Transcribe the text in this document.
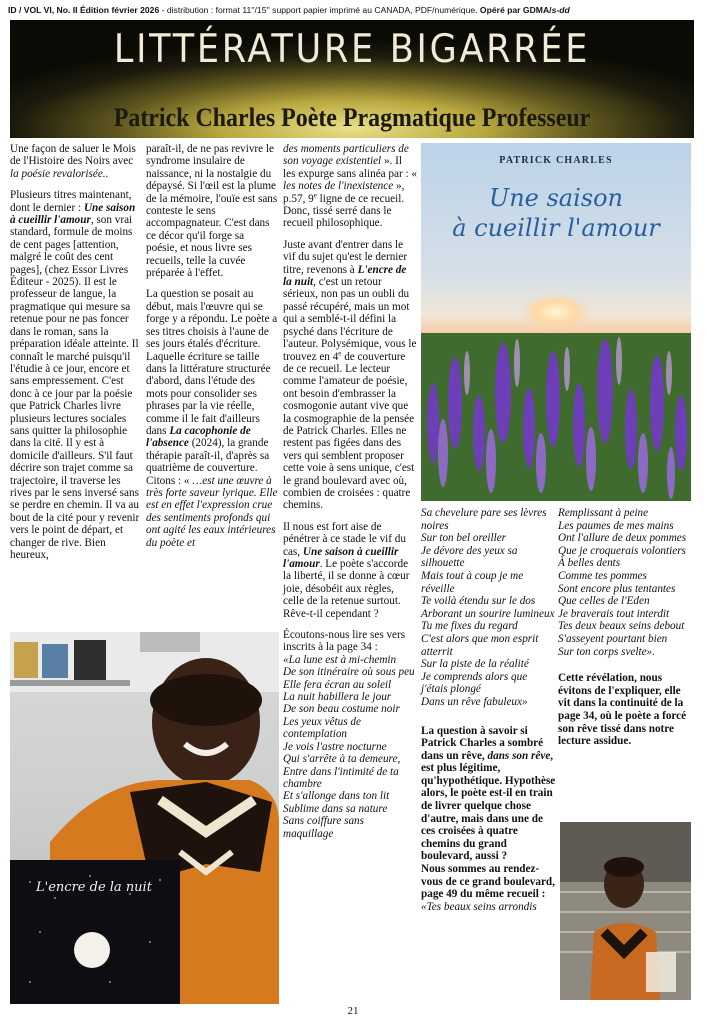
ID / VOL VI, No. II Édition février 2026 - distribution : format 11''/15'' support papier imprimé au CANADA, PDF/numérique. Opéré par GDMA/s-dd
LITTÉRATURE BIGARRÉE
Patrick Charles Poète Pragmatique Professeur

Une façon de saluer le Mois de l'Histoire des Noirs avec la poésie revalorisée..

Plusieurs titres maintenant, dont le dernier : Une saison à cueillir l'amour, son vrai standard, formule de moins de cent pages [attention, malgré le coût des cent pages], (chez Essor Livres Éditeur - 2025). Il est le professeur de langue, la pragmatique qui mesure sa retenue pour ne pas foncer dans le roman, sans la préparation idéale atteinte. Il connaît le marché puisqu'il l'étudie à ce jour, encore et sans empressement. C'est donc à ce jour par la poésie que Patrick Charles livre plusieurs lectures sociales sans quitter la philosophie dans la cité. Il y est à domicile d'ailleurs. S'il faut décrire son trajet comme sa trajectoire, il traverse les rives par le sens inversé sans se perdre en chemin. Il va au bout de la cité pour y revenir vers le point de départ, et changer de rive. Bien heureux,

paraît-il, de ne pas revivre le syndrome insulaire de naissance, ni la nostalgie du dépaysé. Si l'œil est la plume de la mémoire, l'ouïe est sans conteste le sens accompagnateur. C'est dans ce décor qu'il forge sa poésie, et nous livre ses recueils, telle la cuvée préparée à l'effet.

La question se posait au début, mais l'œuvre qui se forge y a répondu. Le poète a ses titres choisis à l'aune de ses jours étalés d'écriture. Laquelle écriture se taille dans la littérature structurée d'abord, dans l'étude des mots pour consolider ses phrases par la vie réelle, comme il le fait d'ailleurs dans La cacophonie de l'absence (2024), la grande thérapie paraît-il, d'après sa quatrième de couverture. Citons : « …est une œuvre à très forte saveur lyrique. Elle est en effet l'expression crue des sentiments profonds qui ont agité les eaux intérieures du poète et

des moments particuliers de son voyage existentiel ». Il les expurge sans alinéa par : « les notes de l'inexistence », p.57, 9e ligne de ce recueil. Donc, tissé serré dans le recueil philosophique.

Juste avant d'entrer dans le vif du sujet qu'est le dernier titre, revenons à L'encre de la nuit, c'est un retour sérieux, non pas un oubli du passé récupéré, mais un mot qui a semblé-t-il défini la psyché dans l'écriture de l'auteur. Polysémique, vous le trouvez en 4e de couverture de ce recueil. Le lecteur comme l'amateur de poésie, ont besoin d'embrasser la cosmogonie autant vive que la cosmographie de la pensée de Patrick Charles. Elles ne restent pas figées dans des vers qui semblent proposer cette voie à sens unique, c'est le grand boulevard avec où, combien de croisées : quatre chemins.

Il nous est fort aise de pénétrer à ce stade le vif du cas, Une saison à cueillir l'amour. Le poète s'accorde la liberté, il se donne à cœur joie, désobéit aux règles, celle de la retenue surtout. Rêve-t-il cependant ?

Écoutons-nous lire ses vers inscrits à la page 34 :
«La lune est à mi-chemin
De son itinéraire où sous peu
Elle fera écran au soleil
La nuit habillera le jour
De son beau costume noir
Les yeux vêtus de contemplation
Je vois l'astre nocturne
Qui s'arrête à ta demeure,
Entre dans l'intimité de ta chambre
Et s'allonge dans ton lit
Sublime dans sa nature
Sans coiffure sans maquillage
PATRICK CHARLES
Une saison
à cueillir l'amour
L'encre de la nuit
Sa chevelure pare ses lèvres noires
Sur ton bel oreiller
Je dévore des yeux sa silhouette
Mais tout à coup je me réveille
Te voilà étendu sur le dos
Arborant un sourire lumineux
Tu me fixes du regard
C'est alors que mon esprit atterrit
Sur la piste de la réalité
Je comprends alors que j'étais plongé
Dans un rêve fabuleux»
La question à savoir si Patrick Charles a sombré dans un rêve, dans son rêve, est plus légitime, qu'hypothétique. Hypothèse alors, le poète est-il en train de livrer quelque chose d'autre, mais dans une de ces croisées à quatre chemins du grand boulevard, aussi ?
Nous sommes au rendez-vous de ce grand boulevard, page 49 du même recueil :
«Tes beaux seins arrondis
Remplissant à peine
Les paumes de mes mains
Ont l'allure de deux pommes
Que je croquerais volontiers
À belles dents
Comme tes pommes
Sont encore plus tentantes
Que celles de l'Eden
Je braverais tout interdit
Tes deux beaux seins debout
S'asseyent pourtant bien
Sur ton corps svelte».
Cette révélation, nous évitons de l'expliquer, elle vit dans la continuité de la page 34, où le poète a forcé son rêve tissé dans notre lecture assidue.
21
